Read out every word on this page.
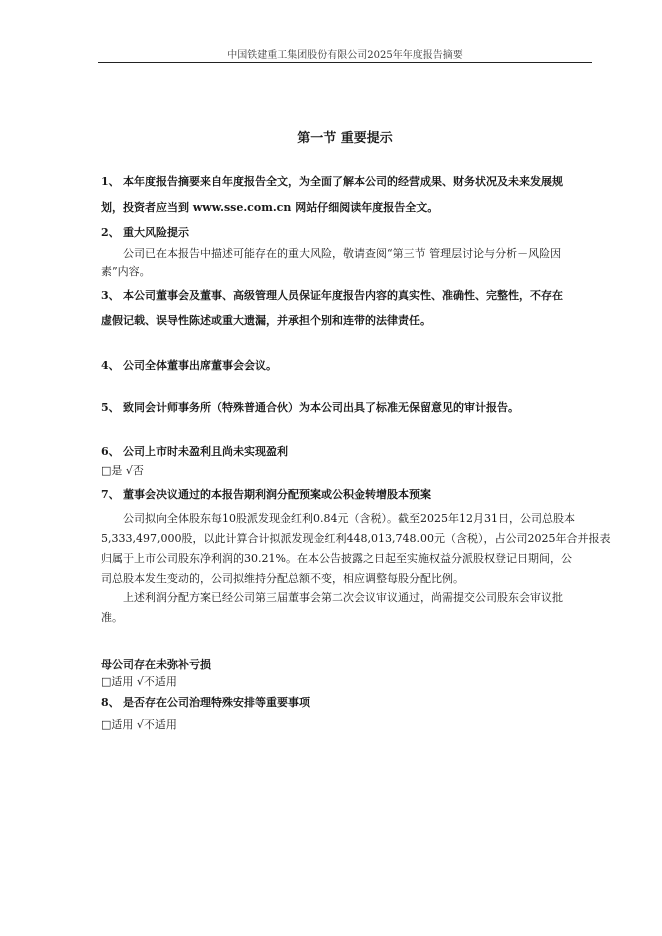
中国铁建重工集团股份有限公司2025年年度报告摘要
第一节 重要提示
1、 本年度报告摘要来自年度报告全文，为全面了解本公司的经营成果、财务状况及未来发展规
划，投资者应当到 www.sse.com.cn 网站仔细阅读年度报告全文。
2、 重大风险提示
公司已在本报告中描述可能存在的重大风险，敬请查阅“第三节 管理层讨论与分析－风险因
素”内容。
3、 本公司董事会及董事、高级管理人员保证年度报告内容的真实性、准确性、完整性，不存在
虚假记载、误导性陈述或重大遗漏，并承担个别和连带的法律责任。
4、 公司全体董事出席董事会会议。
5、 致同会计师事务所（特殊普通合伙）为本公司出具了标准无保留意见的审计报告。
6、 公司上市时未盈利且尚未实现盈利
□是 √否
7、 董事会决议通过的本报告期利润分配预案或公积金转增股本预案
公司拟向全体股东每10股派发现金红利0.84元（含税）。截至2025年12月31日，公司总股本
5,333,497,000股，以此计算合计拟派发现金红利448,013,748.00元（含税），占公司2025年合并报表
归属于上市公司股东净利润的30.21%。在本公告披露之日起至实施权益分派股权登记日期间，公
司总股本发生变动的，公司拟维持分配总额不变，相应调整每股分配比例。
上述利润分配方案已经公司第三届董事会第二次会议审议通过，尚需提交公司股东会审议批
准。
母公司存在未弥补亏损
□适用 √不适用
8、 是否存在公司治理特殊安排等重要事项
□适用 √不适用
